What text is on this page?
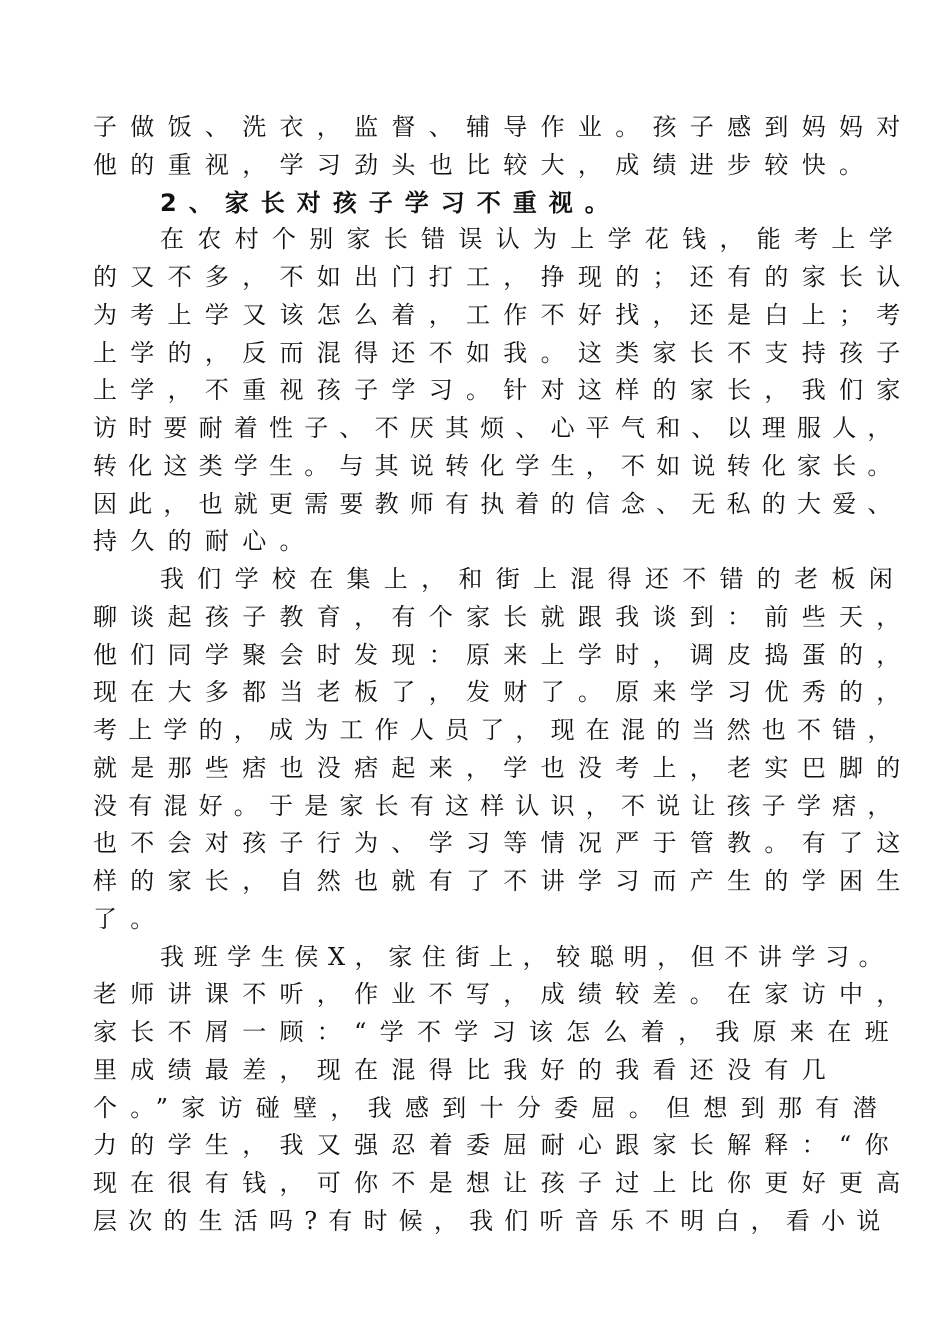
子做饭、洗衣，监督、辅导作业。孩子感到妈妈对
他的重视，学习劲头也比较大，成绩进步较快。
2、家长对孩子学习不重视。
在农村个别家长错误认为上学花钱，能考上学
的又不多，不如出门打工，挣现的；还有的家长认
为考上学又该怎么着，工作不好找，还是白上；考
上学的，反而混得还不如我。这类家长不支持孩子
上学，不重视孩子学习。针对这样的家长，我们家
访时要耐着性子、不厌其烦、心平气和、以理服人，
转化这类学生。与其说转化学生，不如说转化家长。
因此，也就更需要教师有执着的信念、无私的大爱、
持久的耐心。
我们学校在集上，和街上混得还不错的老板闲
聊谈起孩子教育，有个家长就跟我谈到：前些天，
他们同学聚会时发现：原来上学时，调皮捣蛋的，
现在大多都当老板了，发财了。原来学习优秀的，
考上学的，成为工作人员了，现在混的当然也不错，
就是那些痞也没痞起来，学也没考上，老实巴脚的
没有混好。于是家长有这样认识，不说让孩子学痞，
也不会对孩子行为、学习等情况严于管教。有了这
样的家长，自然也就有了不讲学习而产生的学困生
了。
我班学生侯X，家住街上，较聪明，但不讲学习。
老师讲课不听，作业不写，成绩较差。在家访中，
家长不屑一顾：“学不学习该怎么着，我原来在班
里成绩最差，现在混得比我好的我看还没有几
个。”家访碰壁，我感到十分委屈。但想到那有潜
力的学生，我又强忍着委屈耐心跟家长解释：“你
现在很有钱，可你不是想让孩子过上比你更好更高
层次的生活吗?有时候，我们听音乐不明白，看小说
